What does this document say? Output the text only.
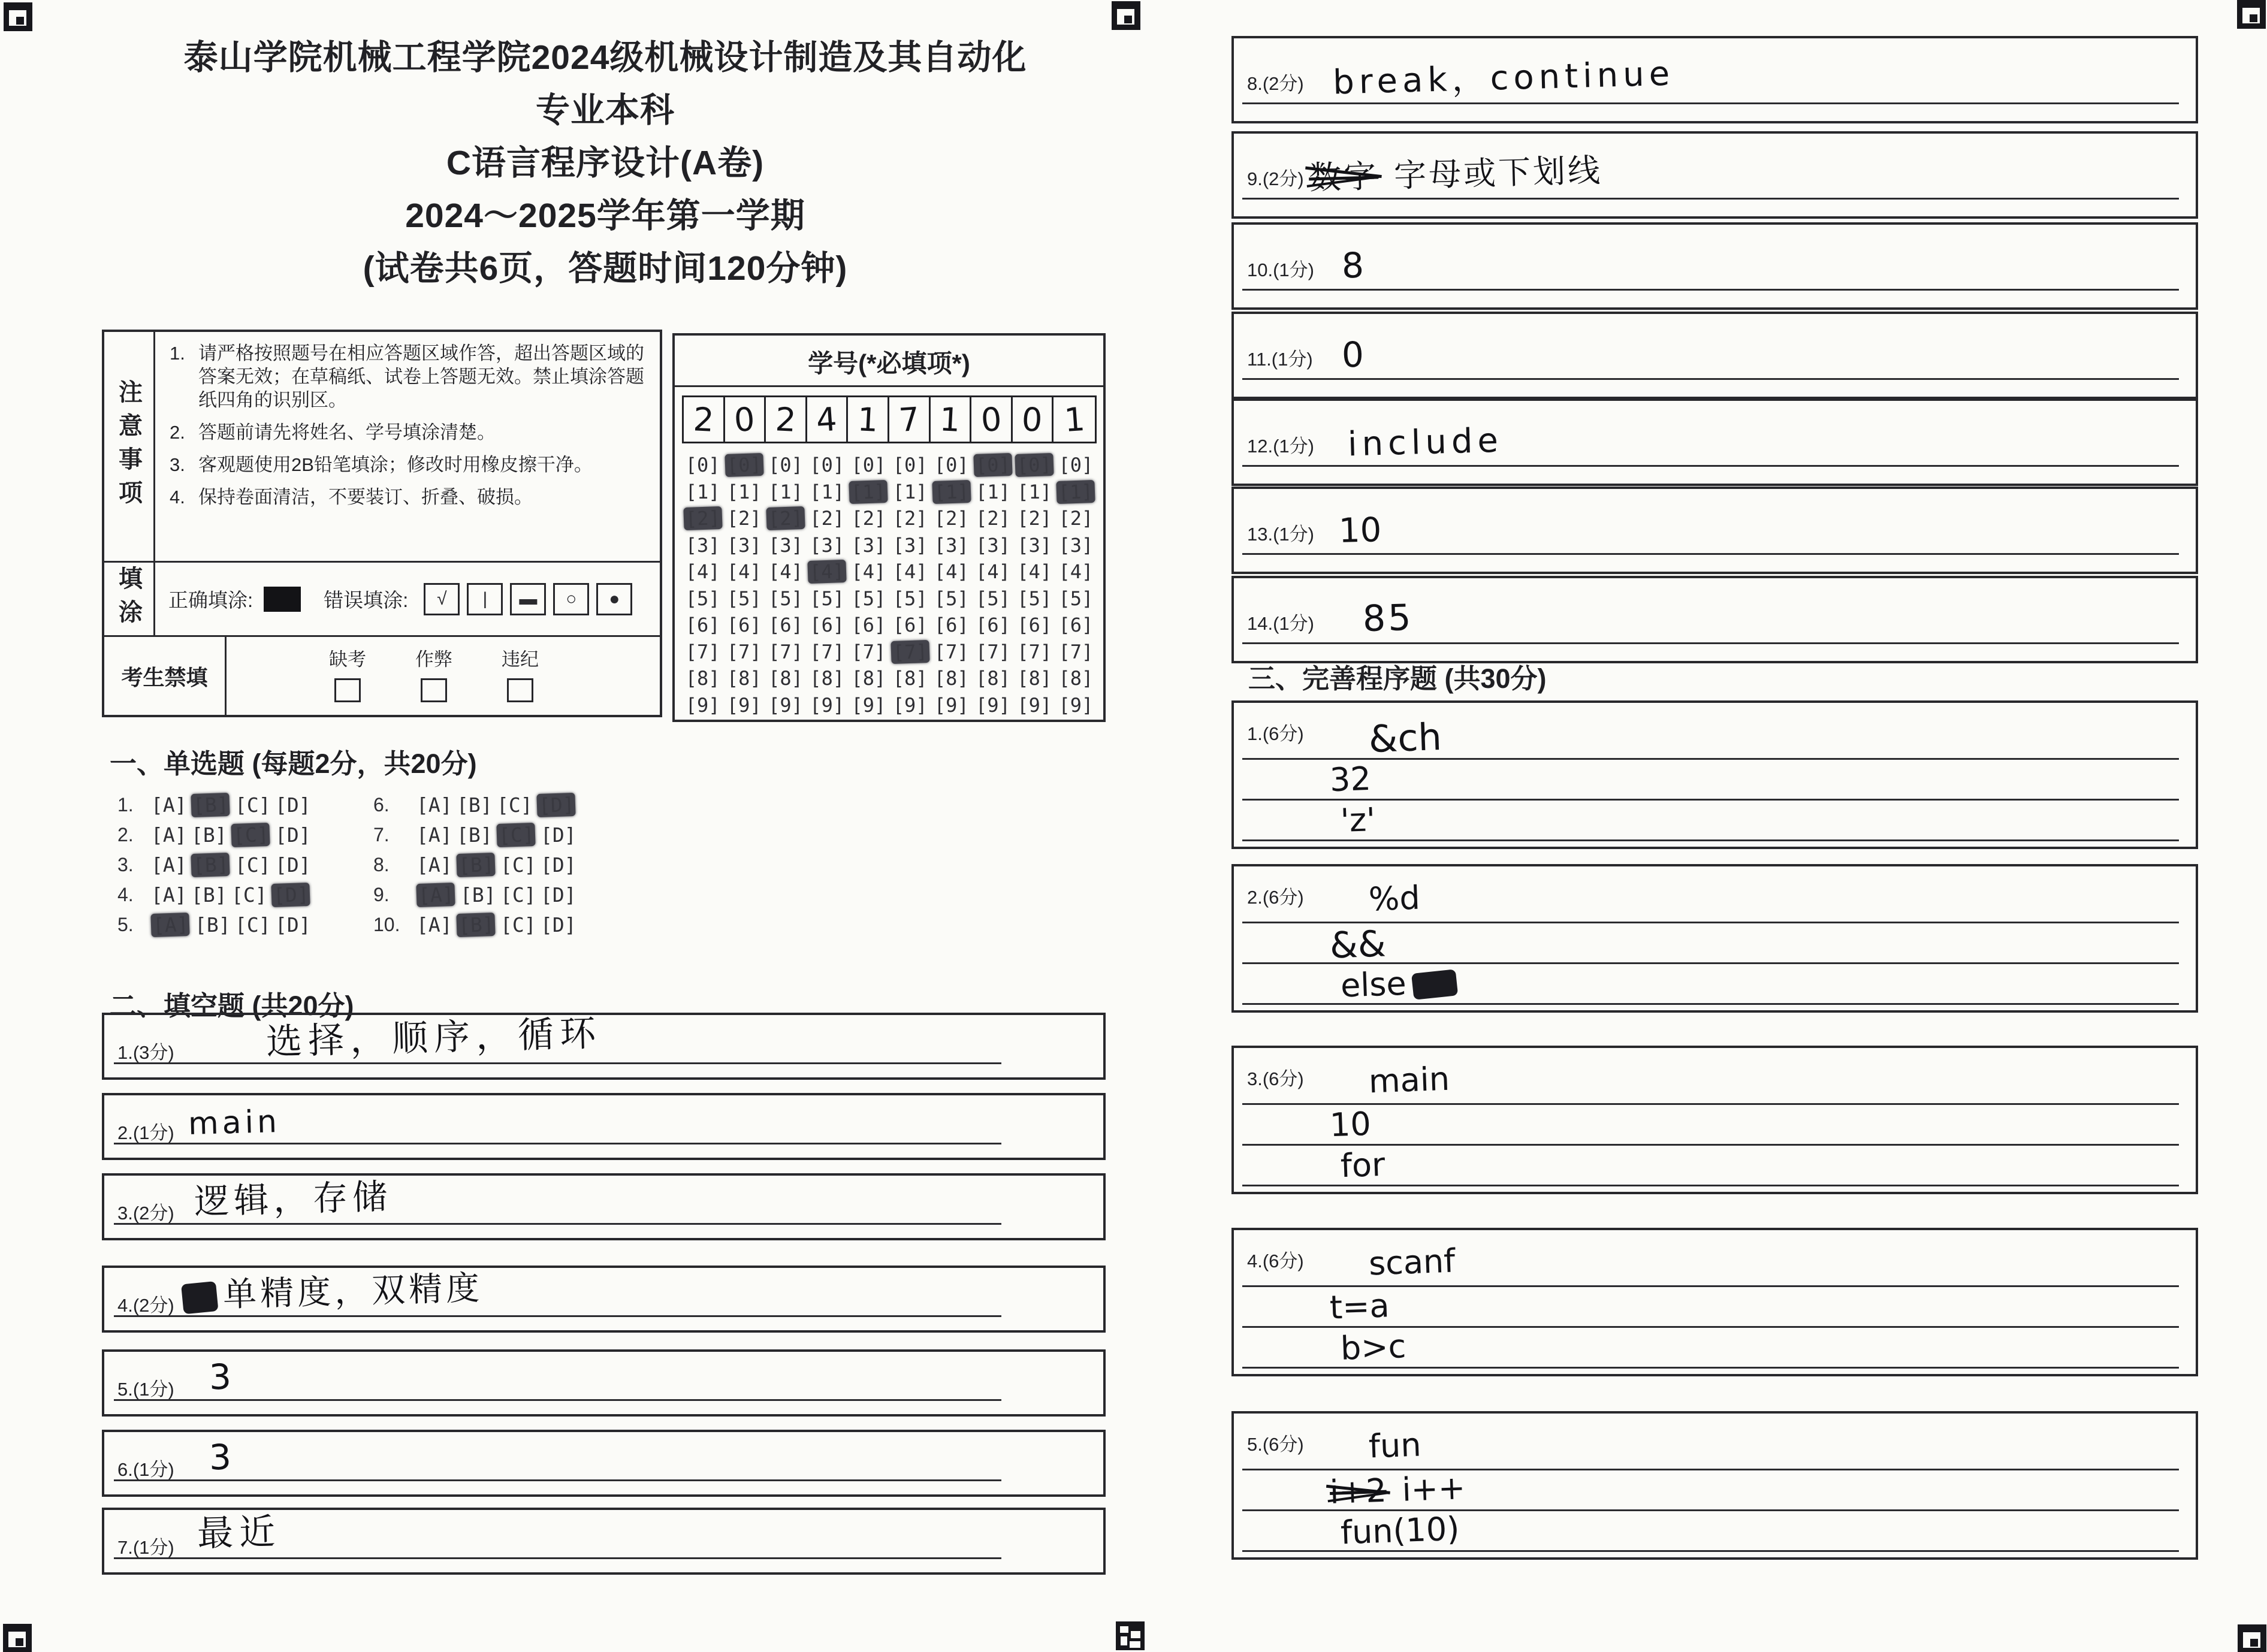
泰山学院机械工程学院2024级机械设计制造及其自动化
专业本科
C语言程序设计(A卷)
2024～2025学年第一学期
(试卷共6页，答题时间120分钟)
注意事项
1. 请严格按照题号在相应答题区域作答，超出答题区域的答案无效；在草稿纸、试卷上答题无效。禁止填涂答题纸四角的识别区。
2. 答题前请先将姓名、学号填涂清楚。
3. 客观题使用2B铅笔填涂；修改时用橡皮擦干净。
4. 保持卷面清洁，不要装订、折叠、破损。
填涂 正确填涂:	错误填涂:	√	|	▬	○	●
考生禁填
缺考	作弊	违纪
学号(*必填项*)
2 0 2 4 1 7 1 0 0 1
[0] [0] [0] [0] [0] [0] [0] [0] [0] [0]
[1] [1] [1] [1] [1] [1] [1] [1] [1] [1]
[2] [2] [2] [2] [2] [2] [2] [2] [2] [2]
[3] [3] [3] [3] [3] [3] [3] [3] [3] [3]
[4] [4] [4] [4] [4] [4] [4] [4] [4] [4]
[5] [5] [5] [5] [5] [5] [5] [5] [5] [5]
[6] [6] [6] [6] [6] [6] [6] [6] [6] [6]
[7] [7] [7] [7] [7] [7] [7] [7] [7] [7]
[8] [8] [8] [8] [8] [8] [8] [8] [8] [8]
[9] [9] [9] [9] [9] [9] [9] [9] [9] [9]
一、单选题 (每题2分，共20分)
1. [A] [B] [C] [D]
2. [A] [B] [C] [D]
3. [A] [B] [C] [D]
4. [A] [B] [C] [D]
5. [A] [B] [C] [D]
6.	[A] [B] [C] [D]
7.	[A] [B] [C] [D]
8.	[A] [B] [C] [D]
9.	[A] [B] [C] [D]
10. [A] [B] [C] [D]
二、填空题 (共20分)
1.(3分)	选择，顺序，循环
2.(1分) main
3.(2分) 逻辑，存储
4.(2分)	单精度，双精度
5.(1分) 3
6.(1分) 3
7.(1分) 最近
8.(2分) break，continue
9.(2分) 数字 字母或下划线
10.(1分) 8
11.(1分) 0
12.(1分) include
13.(1分) 10
14.(1分) 85
三、完善程序题 (共30分)
1.(6分) &ch
32
'z'
2.(6分) %d
&&
else
3.(6分) main
10
for
4.(6分) scanf
t=a
b>c
5.(6分) fun
i+2 i++
fun(10)
